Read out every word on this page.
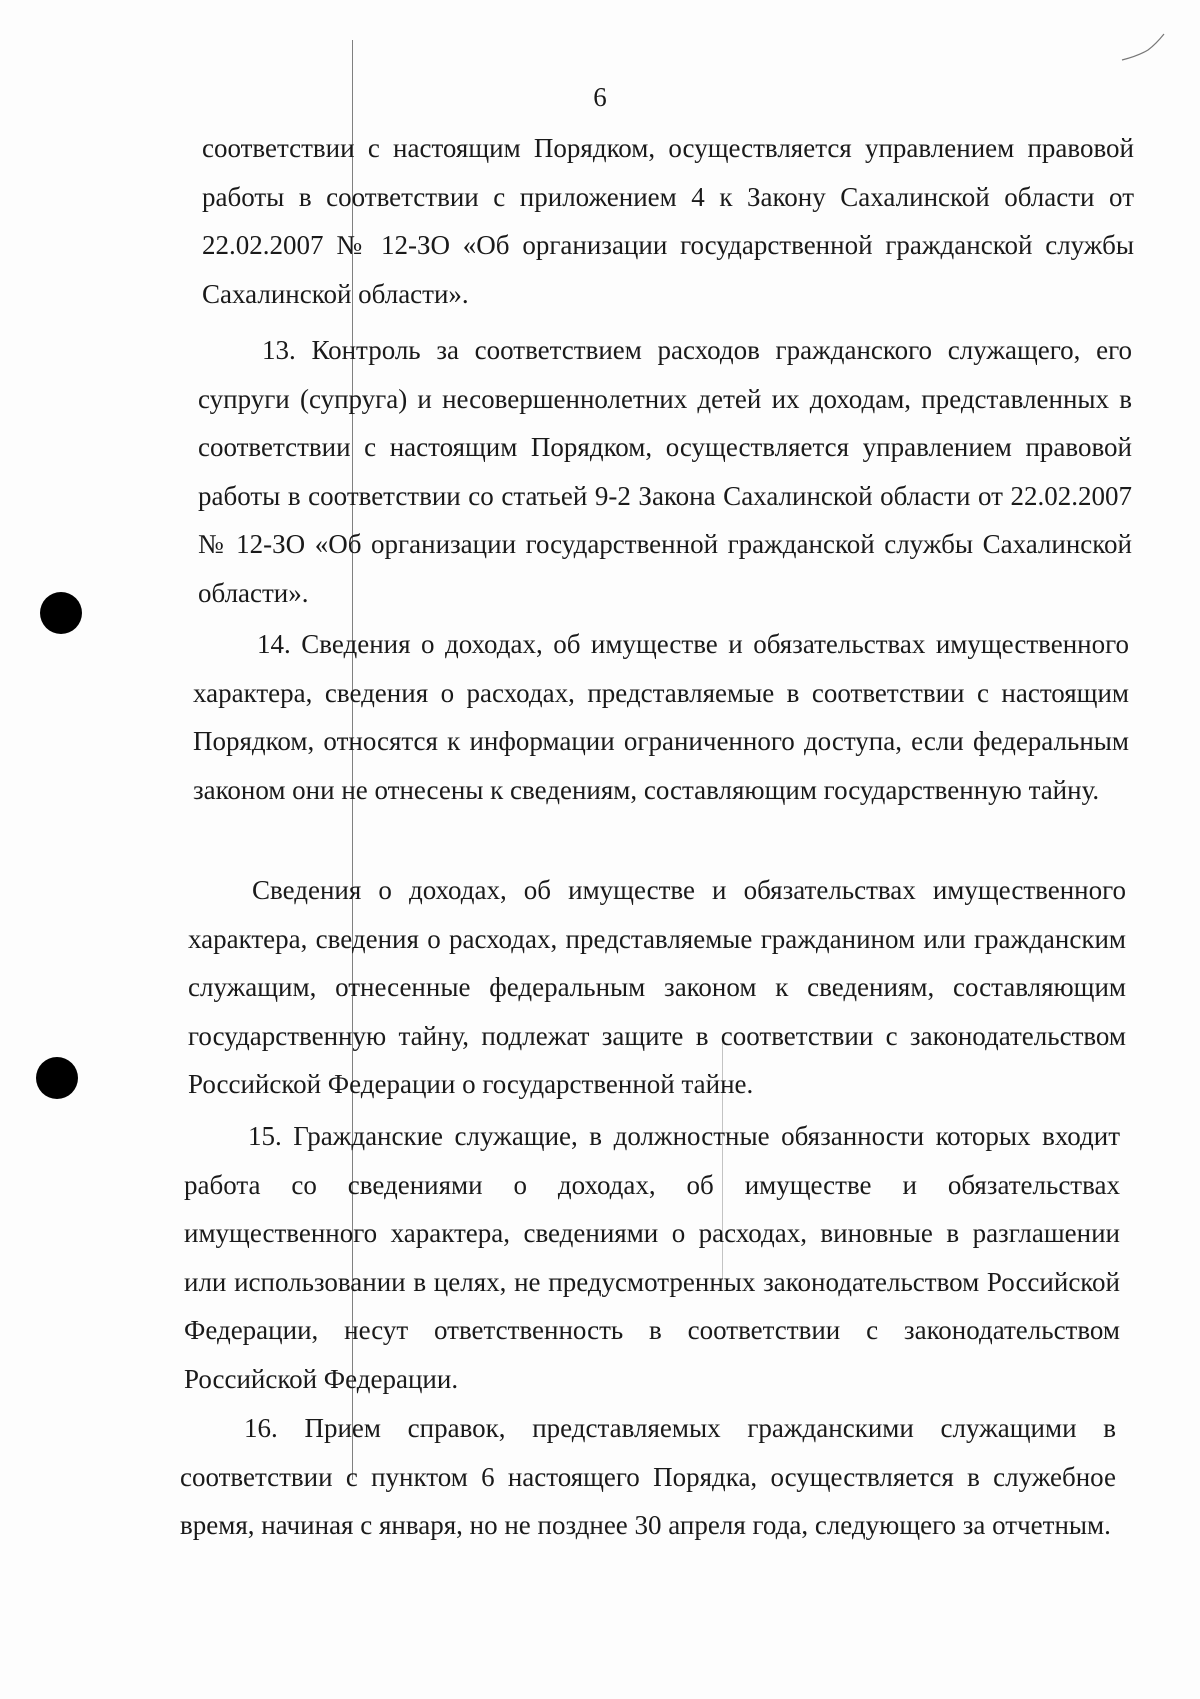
6

соответствии с настоящим Порядком, осуществляется управлением правовой работы в соответствии с приложением 4 к Закону Сахалинской области от 22.02.2007 № 12-ЗО «Об организации государственной гражданской службы Сахалинской области».

13. Контроль за соответствием расходов гражданского служащего, его супруги (супруга) и несовершеннолетних детей их доходам, представленных в соответствии с настоящим Порядком, осуществляется управлением правовой работы в соответствии со статьей 9-2 Закона Сахалинской области от 22.02.2007 № 12-ЗО «Об организации государственной гражданской службы Сахалинской области».

14. Сведения о доходах, об имуществе и обязательствах имущественного характера, сведения о расходах, представляемые в соответствии с настоящим Порядком, относятся к информации ограниченного доступа, если федеральным законом они не отнесены к сведениям, составляющим государственную тайну.

Сведения о доходах, об имуществе и обязательствах имущественного характера, сведения о расходах, представляемые гражданином или гражданским служащим, отнесенные федеральным законом к сведениям, составляющим государственную тайну, подлежат защите в соответствии с законодательством Российской Федерации о государственной тайне.

15. Гражданские служащие, в должностные обязанности которых входит работа со сведениями о доходах, об имуществе и обязательствах имущественного характера, сведениями о расходах, виновные в разглашении или использовании в целях, не предусмотренных законодательством Российской Федерации, несут ответственность в соответствии с законодательством Российской Федерации.

16. Прием справок, представляемых гражданскими служащими в соответствии с пунктом 6 настоящего Порядка, осуществляется в служебное время, начиная с января, но не позднее 30 апреля года, следующего за отчетным.
